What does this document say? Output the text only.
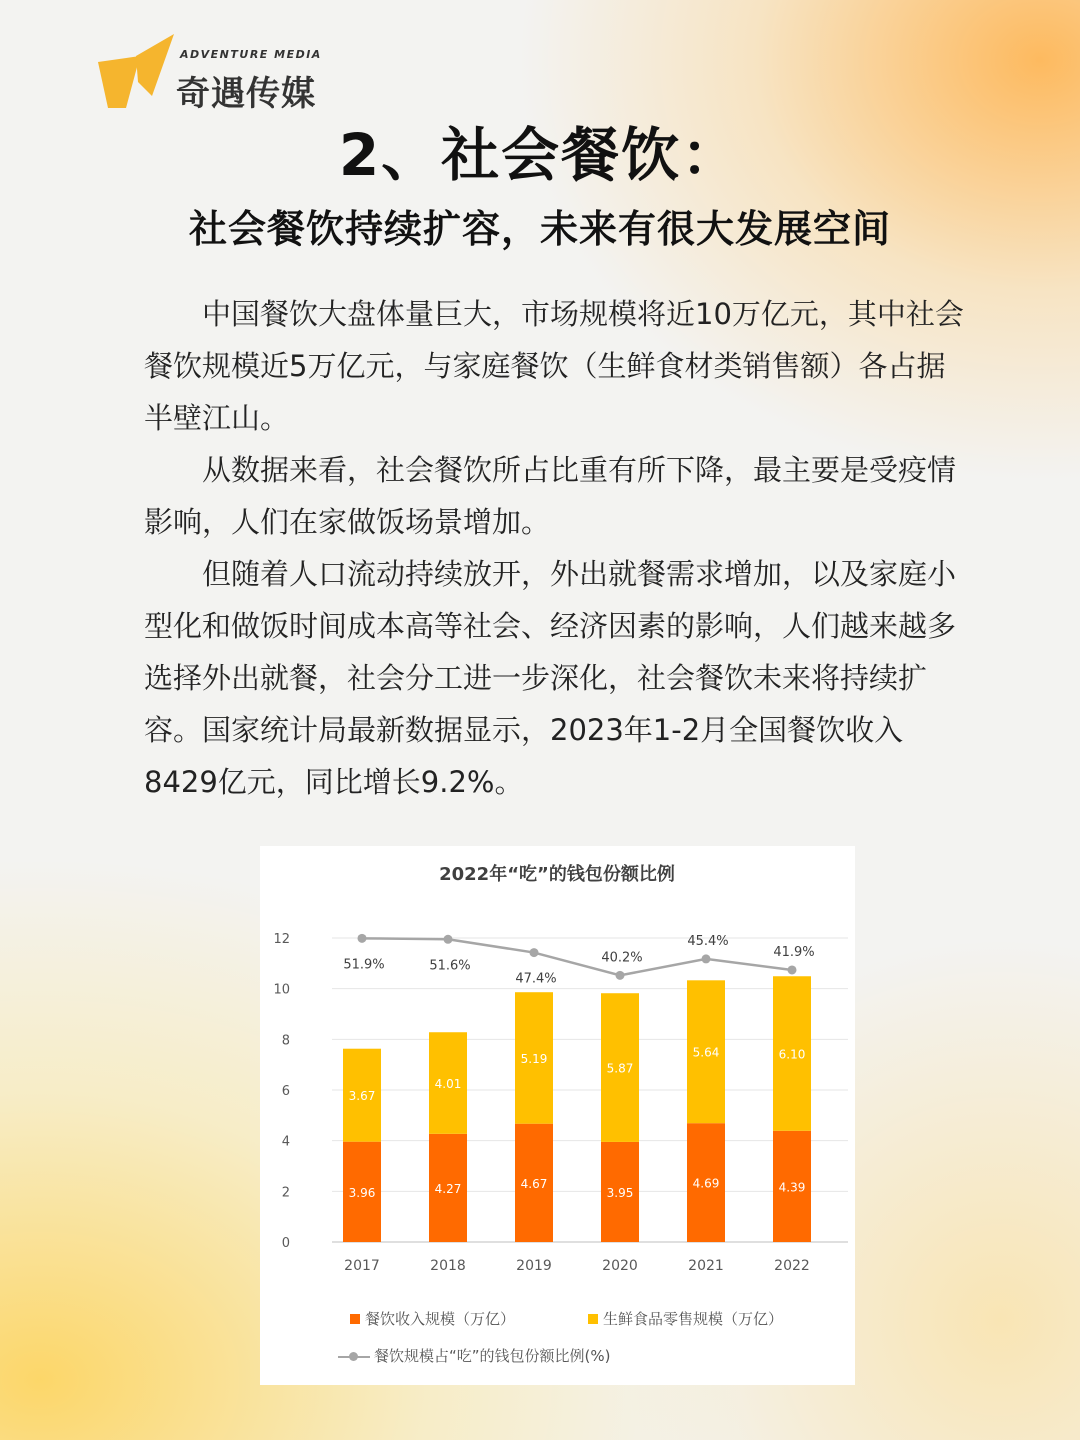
ADVENTURE MEDIA
奇遇传媒
2、社会餐饮：
社会餐饮持续扩容，未来有很大发展空间

中国餐饮大盘体量巨大，市场规模将近10万亿元，其中社会餐饮规模近5万亿元，与家庭餐饮（生鲜食材类销售额）各占据半壁江山。

从数据来看，社会餐饮所占比重有所下降，最主要是受疫情影响，人们在家做饭场景增加。

但随着人口流动持续放开，外出就餐需求增加，以及家庭小型化和做饭时间成本高等社会、经济因素的影响，人们越来越多选择外出就餐，社会分工进一步深化，社会餐饮未来将持续扩容。国家统计局最新数据显示，2023年1-2月全国餐饮收入8429亿元，同比增长9.2%。

2022年“吃”的钱包份额比例
0
2
4
6
8
10
12
3.96
3.67
2017
4.27
4.01
2018
4.67
5.19
2019
3.95
5.87
2020
4.69
5.64
2021
4.39
6.10
2022
51.9%	51.6%
47.4%
40.2%
45.4%
41.9%
餐饮收入规模（万亿）	生鲜食品零售规模（万亿）
餐饮规模占“吃”的钱包份额比例(%)
